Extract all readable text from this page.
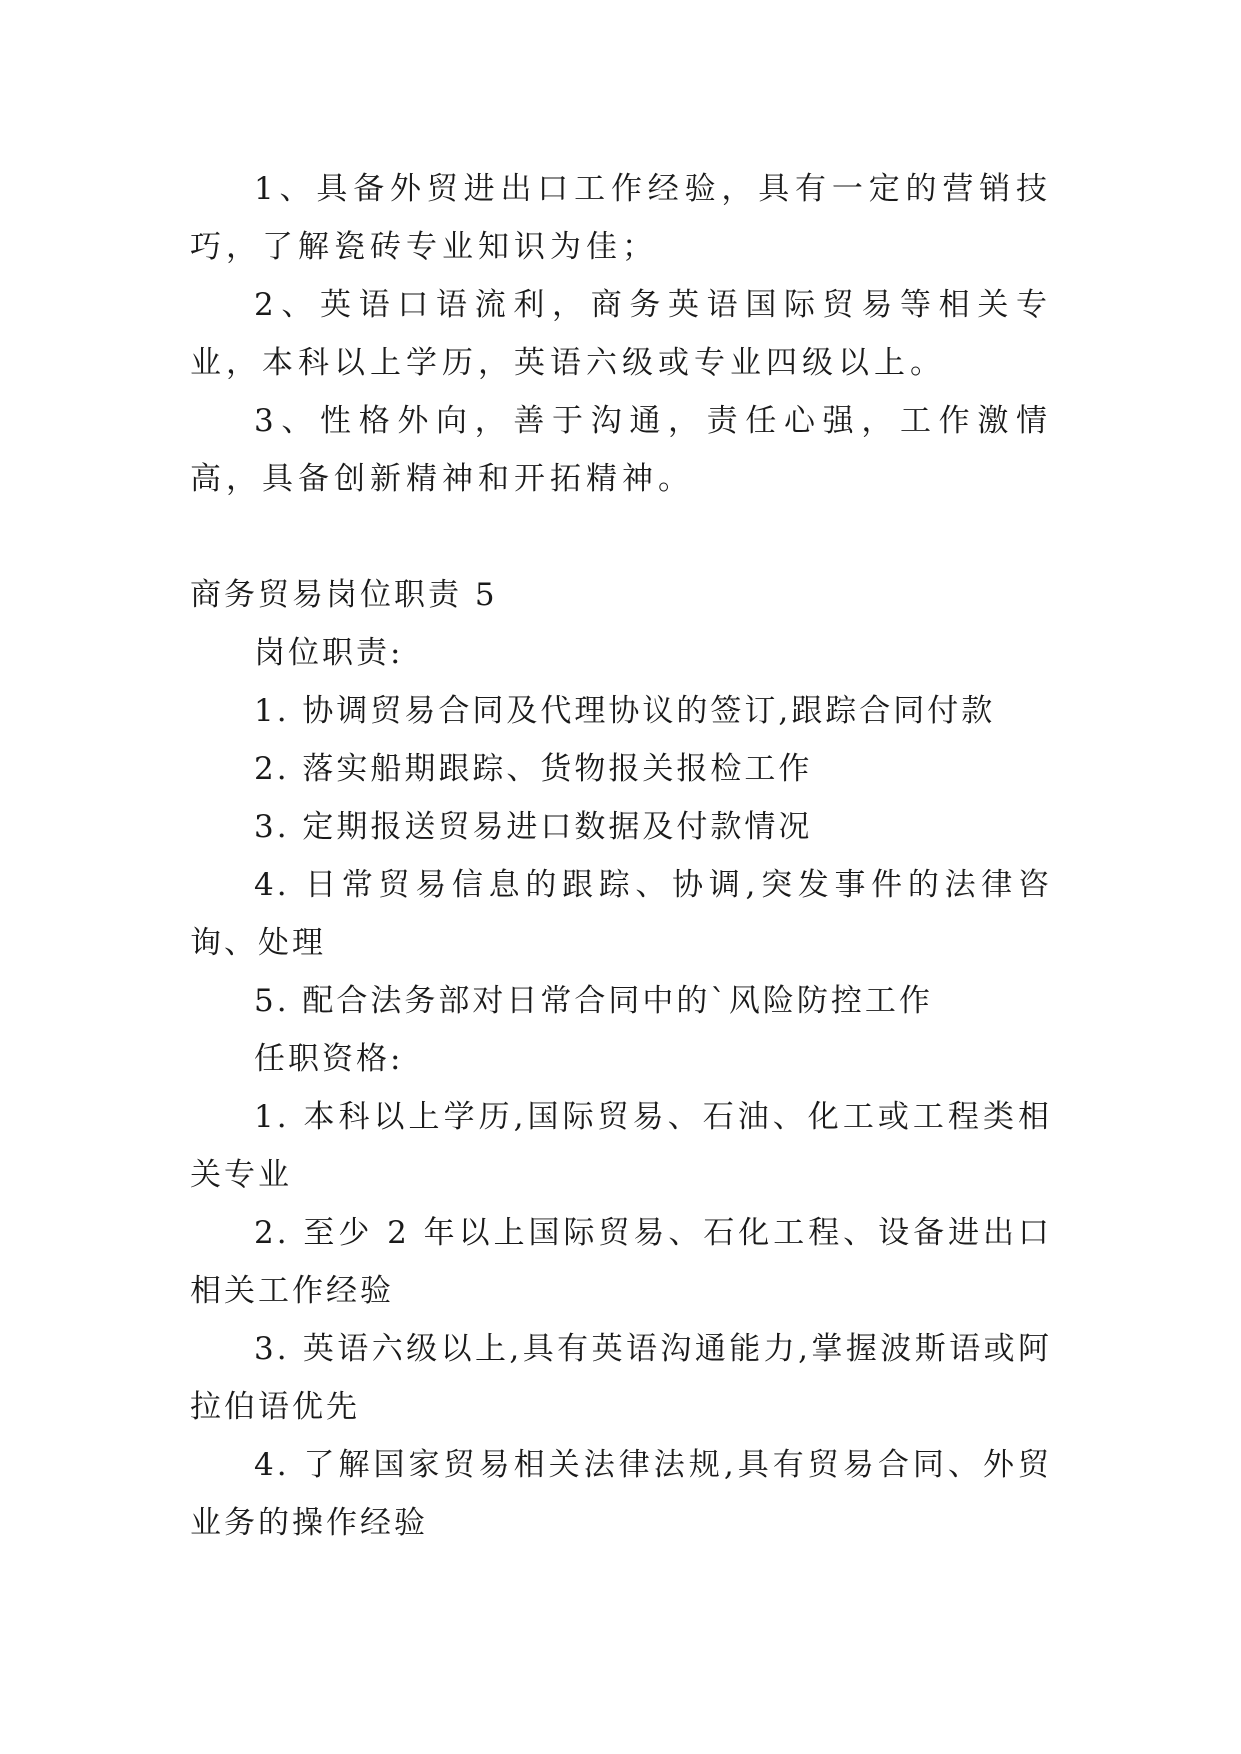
1、具备外贸进出口工作经验，具有一定的营销技巧，了解瓷砖专业知识为佳；

2、英语口语流利，商务英语国际贸易等相关专业，本科以上学历，英语六级或专业四级以上。

3、性格外向，善于沟通，责任心强，工作激情高，具备创新精神和开拓精神。

商务贸易岗位职责 5

岗位职责:

1. 协调贸易合同及代理协议的签订,跟踪合同付款

2. 落实船期跟踪、货物报关报检工作

3. 定期报送贸易进口数据及付款情况

4. 日常贸易信息的跟踪、协调,突发事件的法律咨询、处理

5. 配合法务部对日常合同中的`风险防控工作

任职资格:

1. 本科以上学历,国际贸易、石油、化工或工程类相关专业

2. 至少 2 年以上国际贸易、石化工程、设备进出口相关工作经验

3. 英语六级以上,具有英语沟通能力,掌握波斯语或阿拉伯语优先

4. 了解国家贸易相关法律法规,具有贸易合同、外贸业务的操作经验
